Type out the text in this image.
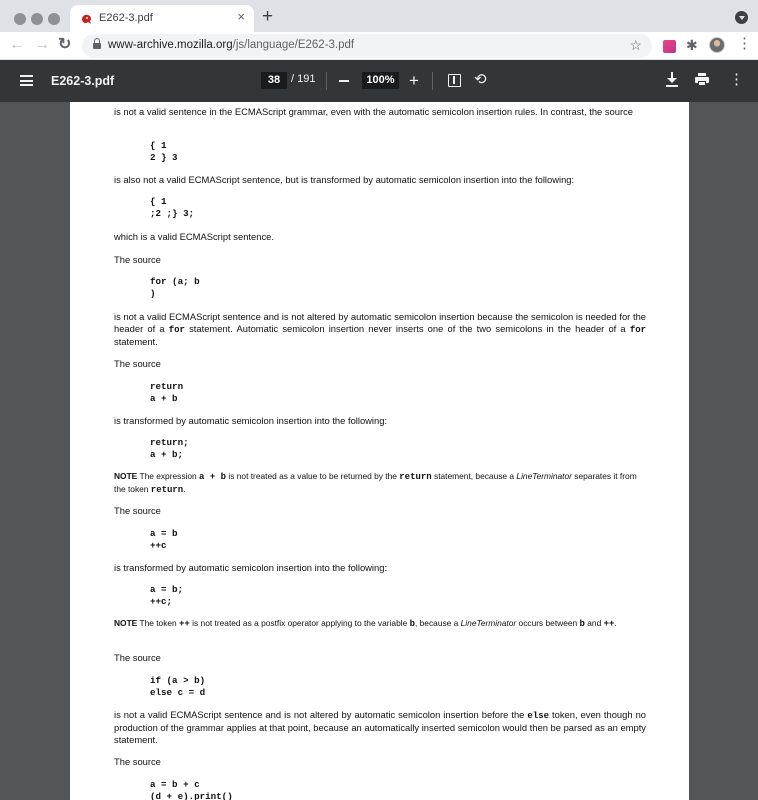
E262-3.pdf	× +
← → ↻	www-archive.mozilla.org/js/language/E262-3.pdf	☆	✱	⋮
E262-3.pdf	38 / 191	100% +	⟲	⋮

is not a valid sentence in the ECMAScript grammar, even with the automatic semicolon insertion rules. In contrast, the source

{ 1
2 } 3

is also not a valid ECMAScript sentence, but is transformed by automatic semicolon insertion into the following:

{ 1
;2 ;} 3;

which is a valid ECMAScript sentence.

The source

for (a; b
)

is not a valid ECMAScript sentence and is not altered by automatic semicolon insertion because the semicolon is needed for the header of a for statement. Automatic semicolon insertion never inserts one of the two semicolons in the header of a for statement.

The source

return
a + b

is transformed by automatic semicolon insertion into the following:

return;
a + b;
NOTE The expression a + b is not treated as a value to be returned by the return statement, because a LineTerminator separates it from the token return.

The source

a = b
++c

is transformed by automatic semicolon insertion into the following:

a = b;
++c;
NOTE The token ++ is not treated as a postfix operator applying to the variable b, because a LineTerminator occurs between b and ++.

The source

if (a > b)
else c = d

is not a valid ECMAScript sentence and is not altered by automatic semicolon insertion before the else token, even though no production of the grammar applies at that point, because an automatically inserted semicolon would then be parsed as an empty statement.

The source

a = b + c
(d + e).print()
